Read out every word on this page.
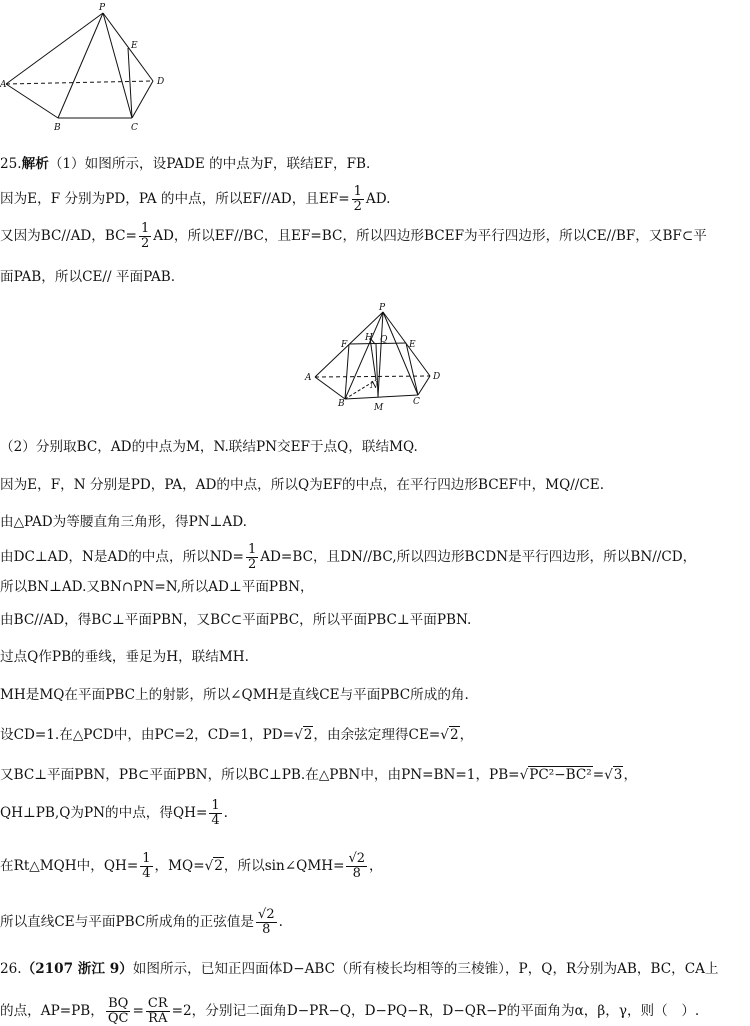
P
E
A	D
B	C
25.解析（1）如图所示，设PADE 的中点为F，联结EF，FB.
因为E，F 分别为PD，PA 的中点，所以EF//AD，且$EF= \frac{1}{2}$ AD.
又因为BC//AD，$BC= \frac{1}{2}$ AD，所以EF//BC，且EF=BC，所以四边形BCEF为平行四边形，所以CE//BF，又BF⊂平
面PAB，所以CE// 平面PAB.
P
F	E
H Q
A	D
N
B	M
C
（2）分别取BC，AD的中点为M，N.联结PN交EF于点Q，联结MQ.
因为E，F，N 分别是PD，PA，AD的中点，所以Q为EF的中点，在平行四边形BCEF中，MQ//CE.
由△PAD为等腰直角三角形，得PN⊥AD.
由DC⊥AD，N是AD的中点，所以$ND= \frac{1}{2} AD=BC$，且DN//BC,所以四边形BCDN是平行四边形，所以BN//CD，
所以BN⊥AD.又BN∩PN=N,所以AD⊥平面PBN，
由BC//AD，得BC⊥平面PBN，又BC⊂平面PBC，所以平面PBC⊥平面PBN.
过点Q作PB的垂线，垂足为H，联结MH.
MH是MQ在平面PBC上的射影，所以∠QMH是直线CE与平面PBC所成的角.
设CD=1.在△PCD中，由PC=2，CD=1，PD=√2，由余弦定理得CE=√2，
又BC⊥平面PBN，PB⊂平面PBN，所以BC⊥PB.在△PBN中，由PN=BN=1，PB=√PC²−BC²=√3，
QH⊥PB,Q为PN的中点，得$QH= \frac{1}{4}$ .
在Rt△MQH中，$QH= \frac{1}{4}$ ，MQ=√2，所以sin∠QMH= $\frac{√2}{8}$ ，
所以直线CE与平面PBC所成角的正弦值是 $\frac{√2}{8}$ .
26.（2107 浙江 9）如图所示，已知正四面体D−ABC（所有棱长均相等的三棱锥），P，Q，R分别为AB，BC，CA上
的点，AP=PB， $\frac{BQ}{QC} = \frac{CR}{RA} =2$，分别记二面角D−PR−Q，D−PQ−R，D−QR−P的平面角为α，β，γ，则（　）.
